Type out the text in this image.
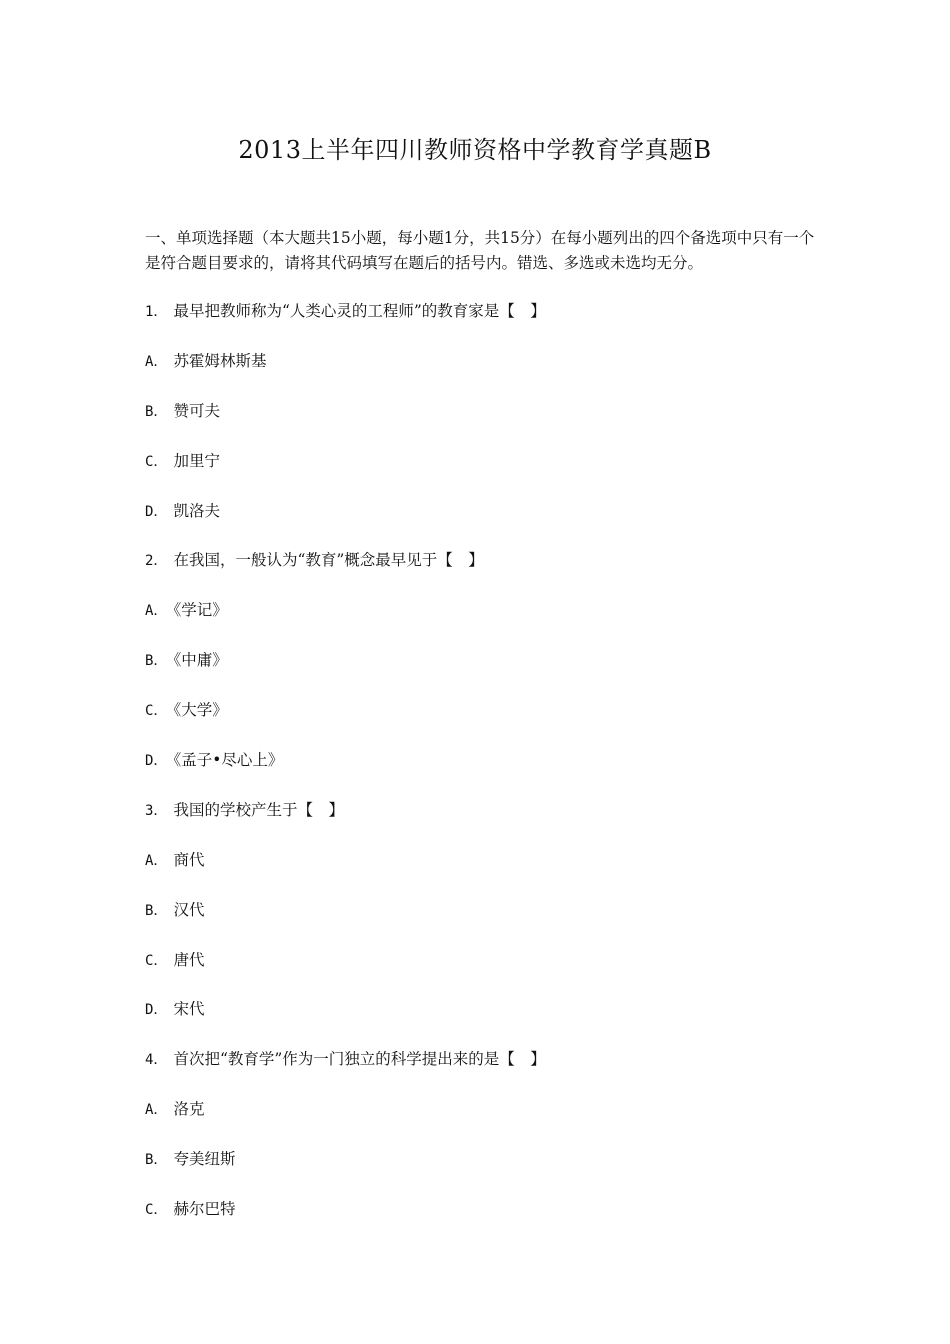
2013上半年四川教师资格中学教育学真题B
一、单项选择题（本大题共15小题，每小题1分，共15分）在每小题列出的四个备选项中只有一个是符合题目要求的，请将其代码填写在题后的括号内。错选、多选或未选均无分。
1． 最早把教师称为“人类心灵的工程师”的教育家是【　】
A． 苏霍姆林斯基
B． 赞可夫
C． 加里宁
D． 凯洛夫
2． 在我国，一般认为“教育”概念最早见于【　】
A． 《学记》
B． 《中庸》
C． 《大学》
D． 《孟子•尽心上》
3． 我国的学校产生于【　】
A． 商代
B． 汉代
C． 唐代
D． 宋代
4． 首次把“教育学”作为一门独立的科学提出来的是【　】
A． 洛克
B． 夸美纽斯
C． 赫尔巴特
